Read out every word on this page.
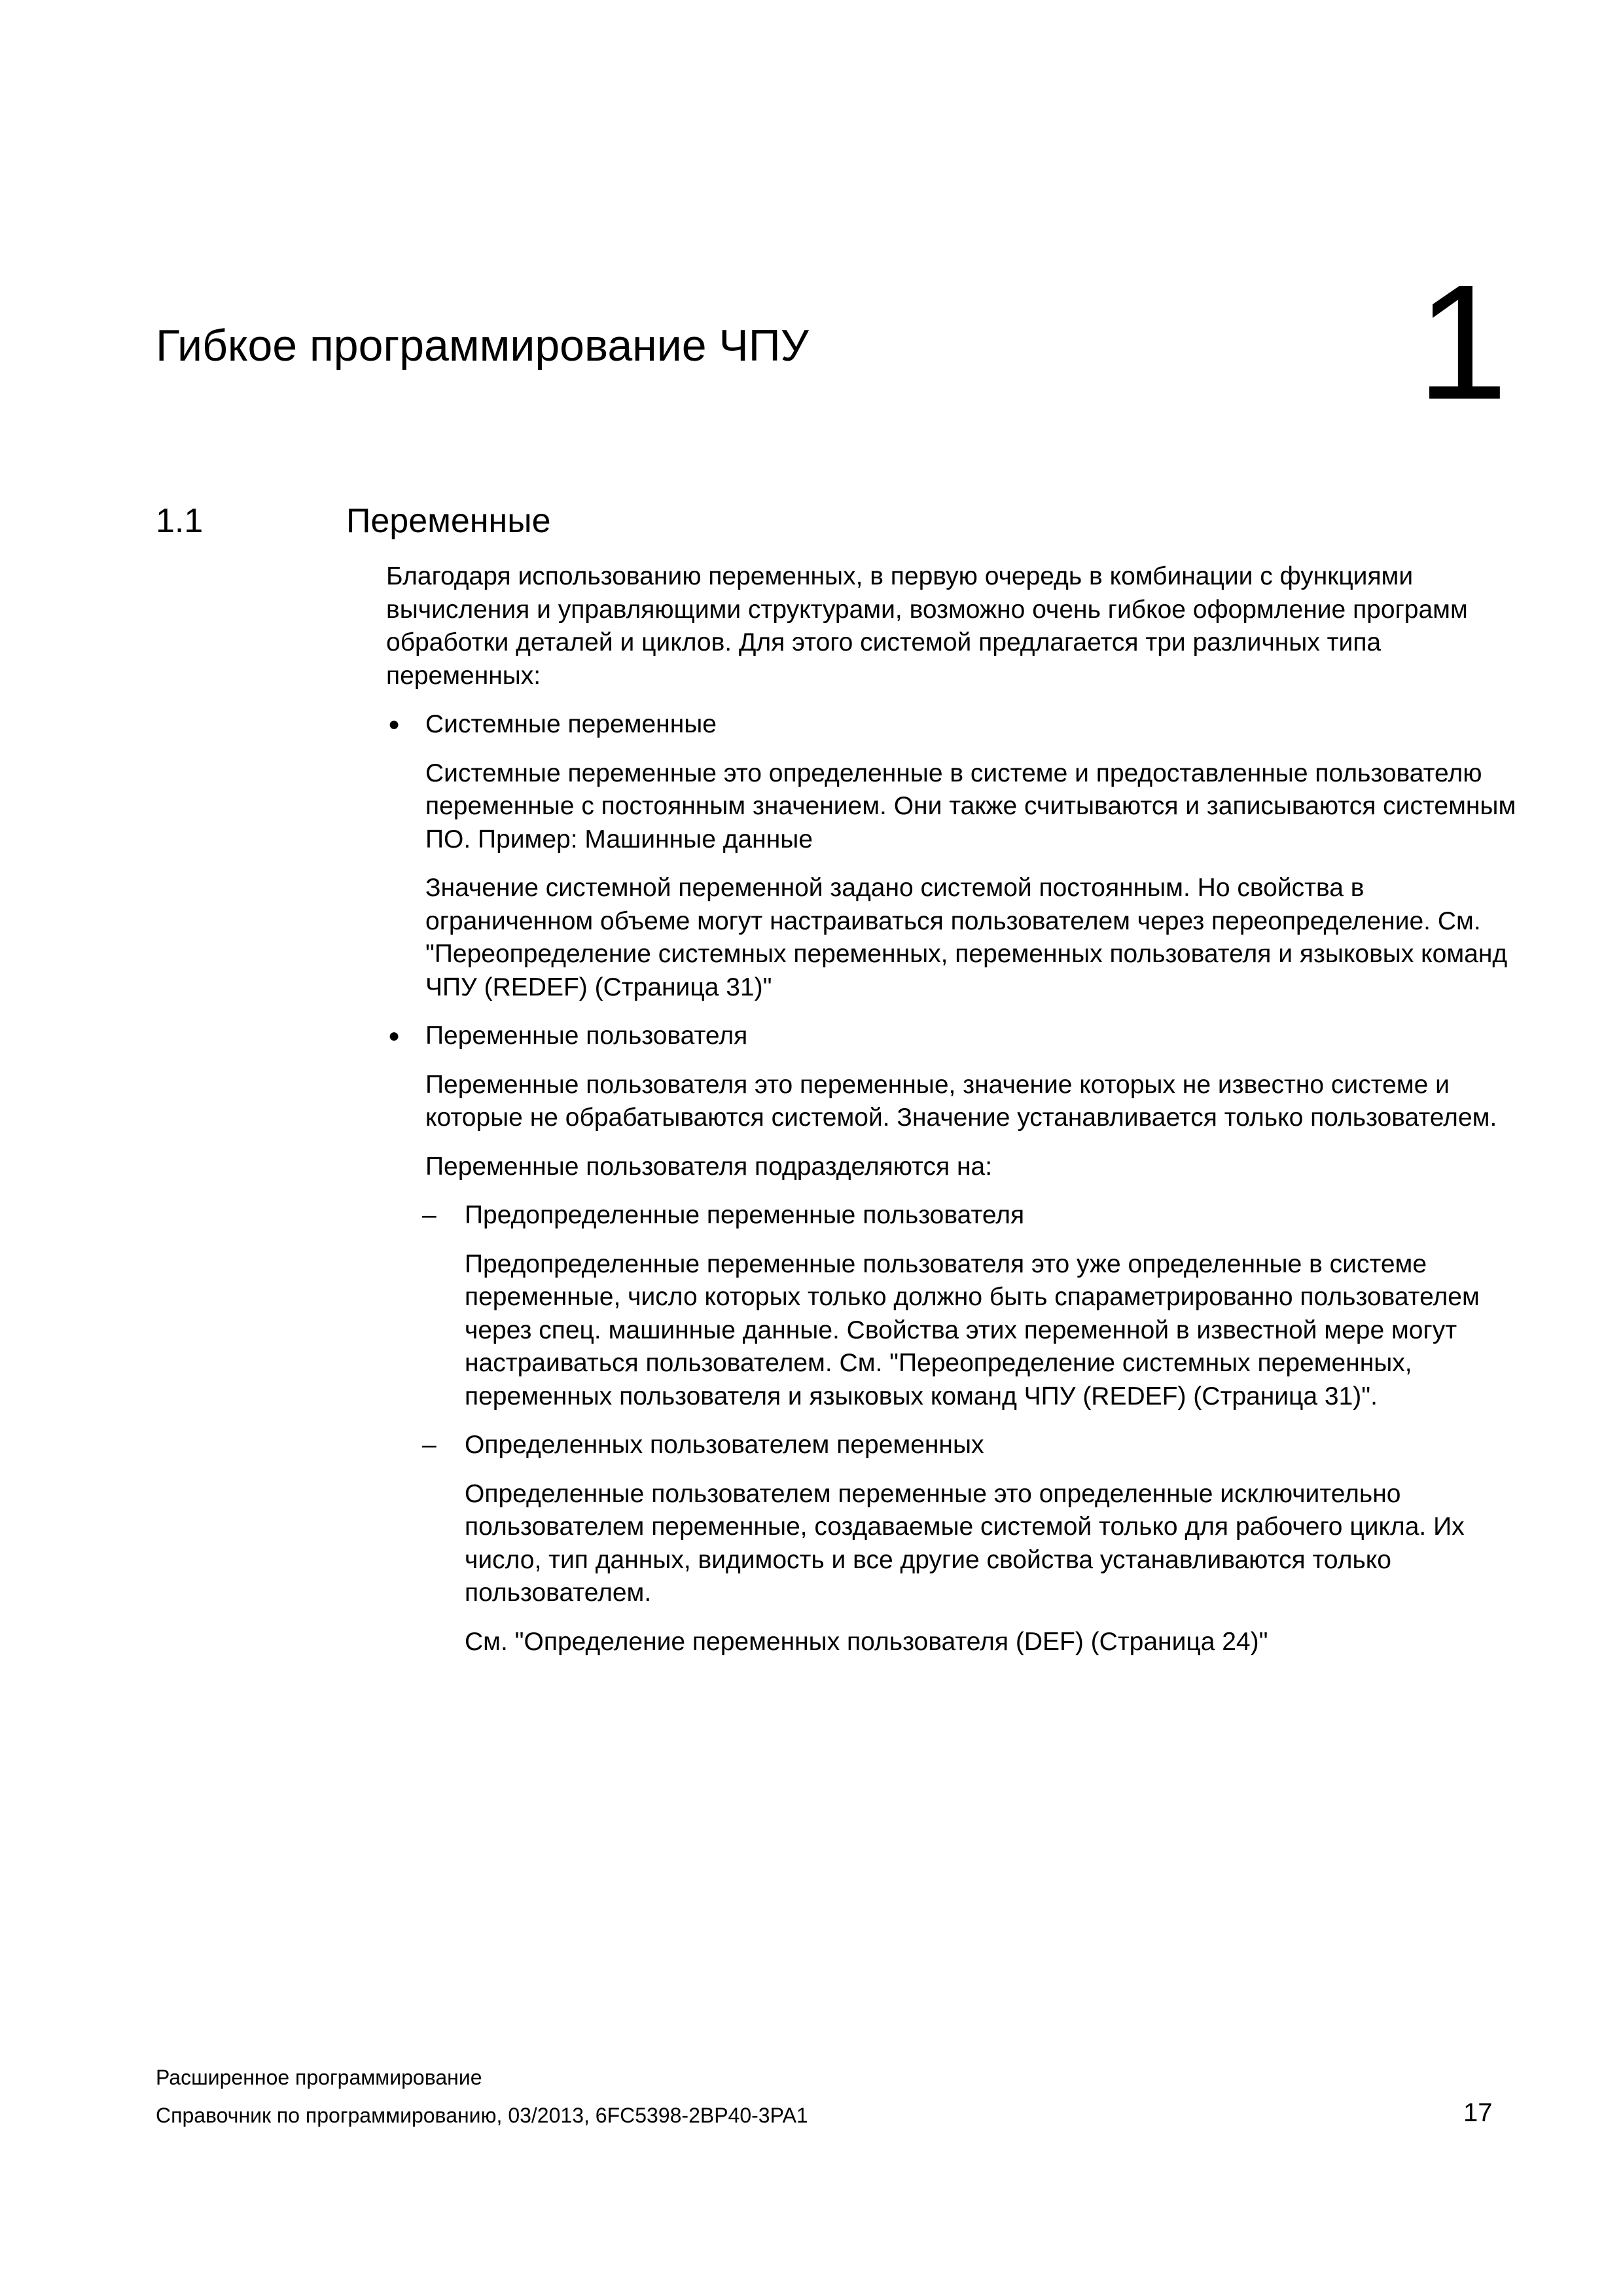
Гибкое программирование ЧПУ	1
1.1	Переменные

Благодаря использованию переменных, в первую очередь в комбинации с функциями вычисления и управляющими структурами, возможно очень гибкое оформление программ обработки деталей и циклов. Для этого системой предлагается три различных типа переменных:

● Системные переменные

Системные переменные это определенные в системе и предоставленные пользователю переменные с постоянным значением. Они также считываются и записываются системным ПО. Пример: Машинные данные

Значение системной переменной задано системой постоянным. Но свойства в ограниченном объеме могут настраиваться пользователем через переопределение. См. "Переопределение системных переменных, переменных пользователя и языковых команд ЧПУ (REDEF) (Страница 31)"

● Переменные пользователя

Переменные пользователя это переменные, значение которых не известно системе и которые не обрабатываются системой. Значение устанавливается только пользователем.

Переменные пользователя подразделяются на:

– Предопределенные переменные пользователя

Предопределенные переменные пользователя это уже определенные в системе переменные, число которых только должно быть спараметрированно пользователем через спец. машинные данные. Свойства этих переменной в известной мере могут настраиваться пользователем. См. "Переопределение системных переменных, переменных пользователя и языковых команд ЧПУ (REDEF) (Страница 31)".

– Определенных пользователем переменных

Определенные пользователем переменные это определенные исключительно пользователем переменные, создаваемые системой только для рабочего цикла. Их число, тип данных, видимость и все другие свойства устанавливаются только пользователем.

См. "Определение переменных пользователя (DEF) (Страница 24)"

Расширенное программирование
Справочник по программированию, 03/2013, 6FC5398-2BP40-3PA1	17
